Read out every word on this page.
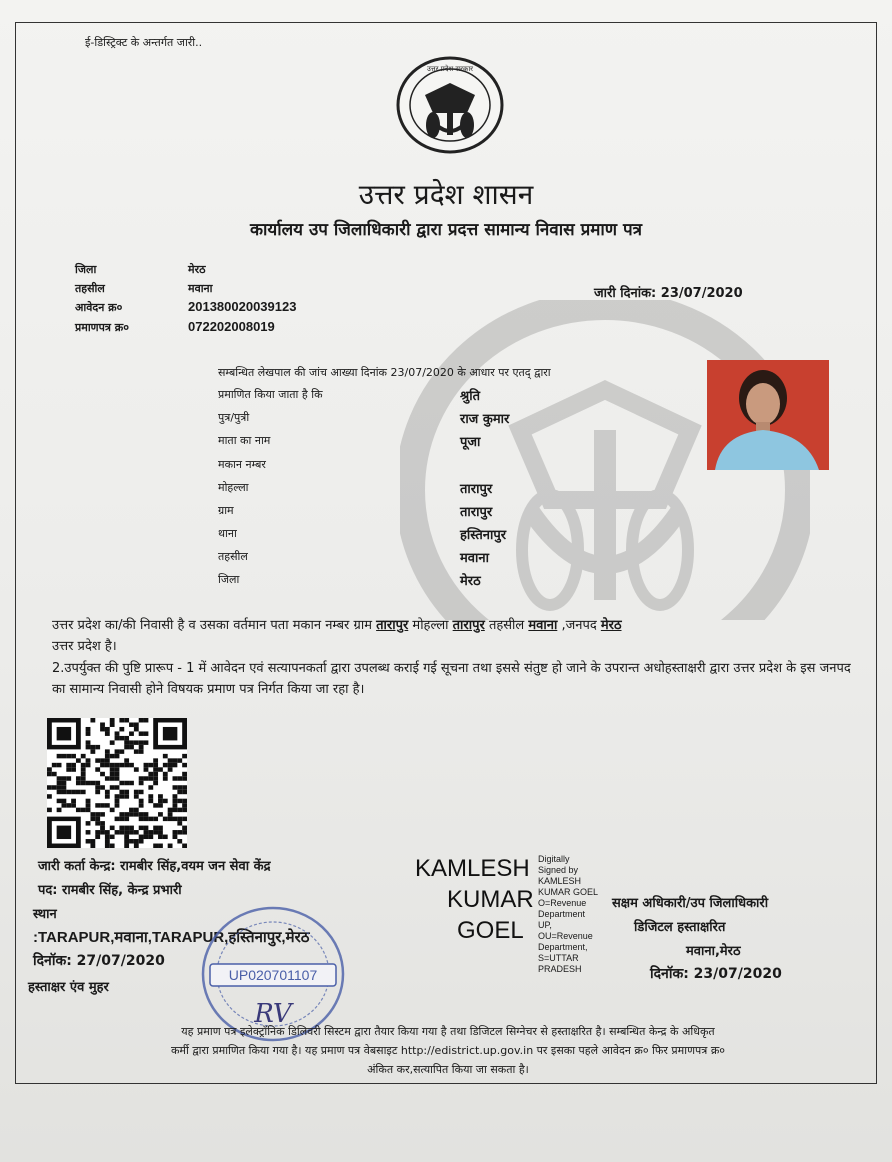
ई-डिस्ट्रिक्ट के अन्तर्गत जारी..
उत्तर प्रदेश सरकार
उत्तर प्रदेश शासन
कार्यालय उप जिलाधिकारी द्वारा प्रदत्त सामान्य निवास प्रमाण पत्र
जिला	मेरठ
तहसील	मवाना
आवेदन क्र०	201380020039123
प्रमाणपत्र क्र०	072202008019
जारी दिनांक: 23/07/2020
सम्बन्धित लेखपाल की जांच आख्या दिनांक 23/07/2020 के आधार पर एतद् द्वारा
प्रमाणित किया जाता है कि	श्रुति
पुत्र/पुत्री	राज कुमार
माता का नाम	पूजा
मकान नम्बर
मोहल्ला	तारापुर
ग्राम	तारापुर
थाना	हस्तिनापुर
तहसील	मवाना
जिला	मेरठ
उत्तर प्रदेश का/की निवासी है व उसका वर्तमान पता मकान नम्बर ग्राम तारापुर मोहल्ला तारापुर तहसील मवाना ,जनपद मेरठ
उत्तर प्रदेश है।
2.उपर्युक्त की पुष्टि प्रारूप - 1 में आवेदन एवं सत्यापनकर्ता द्वारा उपलब्ध कराई गई सूचना तथा इससे संतुष्ट हो जाने के उपरान्त अधोहस्ताक्षरी द्वारा उत्तर प्रदेश के इस जनपद का सामान्य निवासी होने विषयक प्रमाण पत्र निर्गत किया जा रहा है।
जारी कर्ता केन्द्र: रामबीर सिंह,वयम जन सेवा केंद्र
पद: रामबीर सिंह, केन्द्र प्रभारी
स्थान
:TARAPUR,मवाना,TARAPUR,हस्तिनापुर,मेरठ
दिनॉक: 27/07/2020
हस्ताक्षर एंव मुहर
UP020701107
RV
KAMLESH
KUMAR
GOEL
Digitally
Signed by
KAMLESH
KUMAR GOEL
O=Revenue
Department
UP,
OU=Revenue
Department,
S=UTTAR
PRADESH
सक्षम अधिकारी/उप जिलाधिकारी
डिजिटल हस्ताक्षरित
मवाना,मेरठ
दिनॉक: 23/07/2020
यह प्रमाण पत्र इलेक्ट्रॉनिक डिलिवरी सिस्टम द्वारा तैयार किया गया है तथा डिजिटल सिग्नेचर से हस्ताक्षरित है। सम्बन्धित केन्द्र के अधिकृत
कर्मी द्वारा प्रमाणित किया गया है। यह प्रमाण पत्र वेबसाइट http://edistrict.up.gov.in पर इसका पहले आवेदन क्र० फिर प्रमाणपत्र क्र०
अंकित कर,सत्यापित किया जा सकता है।
